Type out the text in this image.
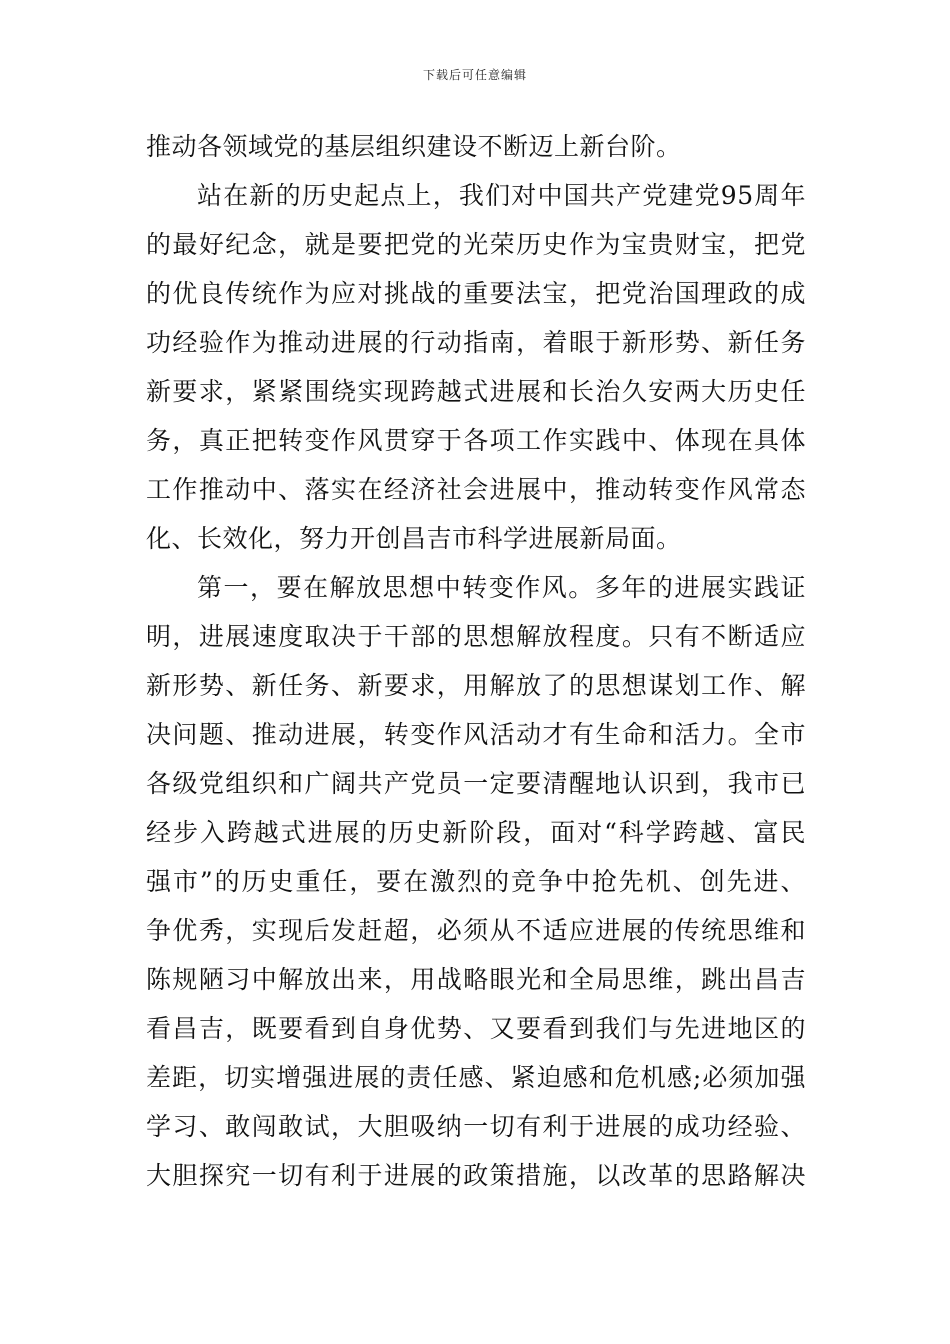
下载后可任意编辑
推动各领域党的基层组织建设不断迈上新台阶。
站在新的历史起点上，我们对中国共产党建党95周年
的最好纪念，就是要把党的光荣历史作为宝贵财宝，把党
的优良传统作为应对挑战的重要法宝，把党治国理政的成
功经验作为推动进展的行动指南，着眼于新形势、新任务
新要求，紧紧围绕实现跨越式进展和长治久安两大历史任
务，真正把转变作风贯穿于各项工作实践中、体现在具体
工作推动中、落实在经济社会进展中，推动转变作风常态
化、长效化，努力开创昌吉市科学进展新局面。
第一，要在解放思想中转变作风。多年的进展实践证
明，进展速度取决于干部的思想解放程度。只有不断适应
新形势、新任务、新要求，用解放了的思想谋划工作、解
决问题、推动进展，转变作风活动才有生命和活力。全市
各级党组织和广阔共产党员一定要清醒地认识到，我市已
经步入跨越式进展的历史新阶段，面对“科学跨越、富民
强市”的历史重任，要在激烈的竞争中抢先机、创先进、
争优秀，实现后发赶超，必须从不适应进展的传统思维和
陈规陋习中解放出来，用战略眼光和全局思维，跳出昌吉
看昌吉，既要看到自身优势、又要看到我们与先进地区的
差距，切实增强进展的责任感、紧迫感和危机感;必须加强
学习、敢闯敢试，大胆吸纳一切有利于进展的成功经验、
大胆探究一切有利于进展的政策措施，以改革的思路解决
